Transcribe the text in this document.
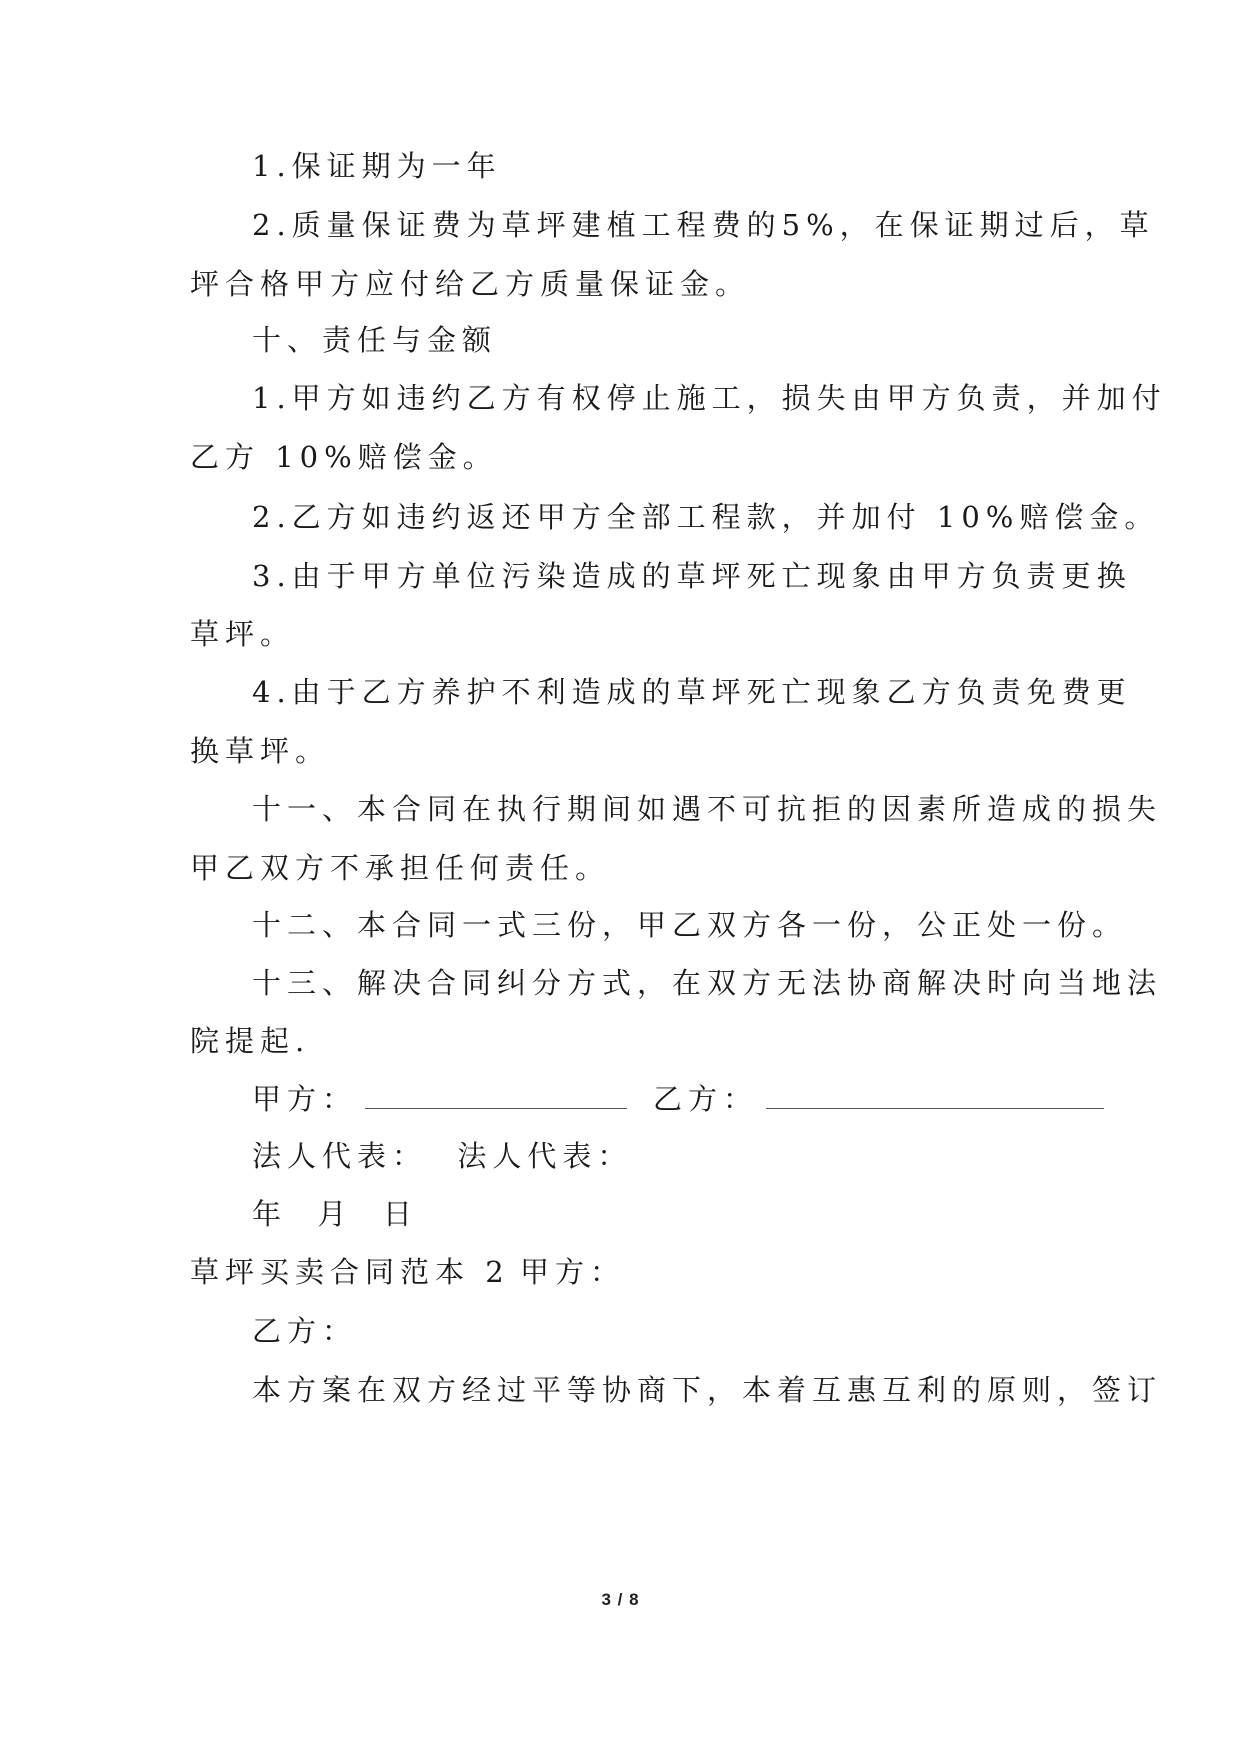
1.保证期为一年
2.质量保证费为草坪建植工程费的5%，在保证期过后，草
坪合格甲方应付给乙方质量保证金。
十、责任与金额
1.甲方如违约乙方有权停止施工，损失由甲方负责，并加付
乙方 10%赔偿金。
2.乙方如违约返还甲方全部工程款，并加付 10%赔偿金。
3.由于甲方单位污染造成的草坪死亡现象由甲方负责更换
草坪。
4.由于乙方养护不利造成的草坪死亡现象乙方负责免费更
换草坪。
十一、本合同在执行期间如遇不可抗拒的因素所造成的损失
甲乙双方不承担任何责任。
十二、本合同一式三份，甲乙双方各一份，公正处一份。
十三、解决合同纠分方式，在双方无法协商解决时向当地法
院提起.
甲方：	乙方：
法人代表：  法人代表：
年  月  日
草坪买卖合同范本 2 甲方：
乙方：
本方案在双方经过平等协商下，本着互惠互利的原则，签订
3 / 8
